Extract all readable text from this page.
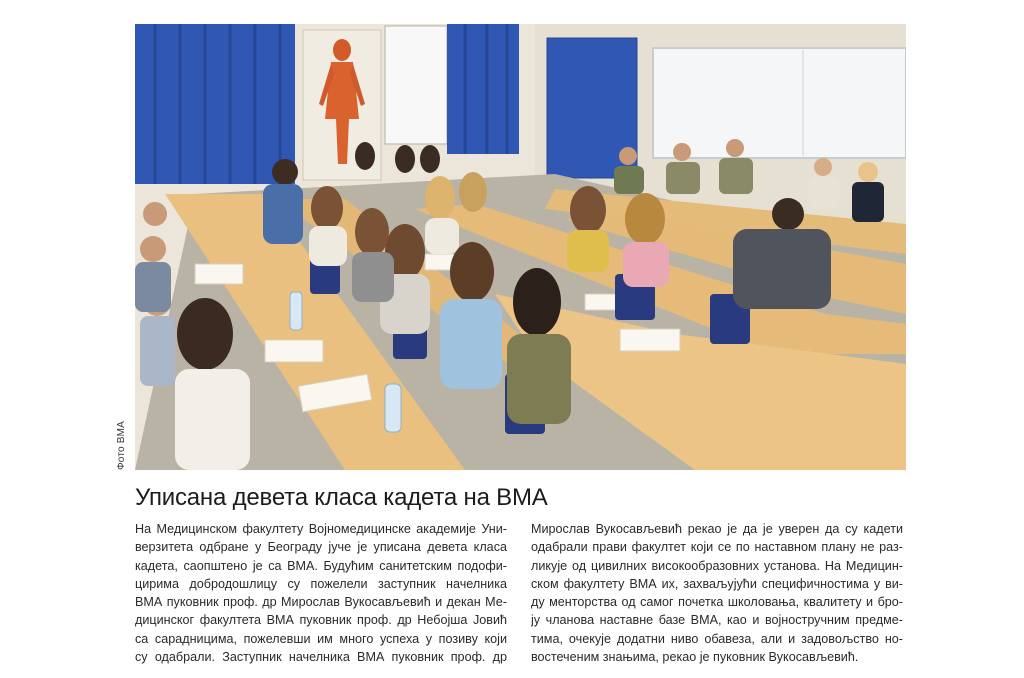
Фото ВМА
Уписана девета класа кадета на ВМА
На Медицинском факултету Војномедицинске академије Уни-
верзитета одбране у Београду јуче је уписана девета класа
кадета, саопштено је са ВМА. Будућим санитетским подофи-
цирима добродошлицу су пожелели заступник начелника
ВМА пуковник проф. др Мирослав Вукосављевић и декан Ме-
дицинског факултета ВМА пуковник проф. др Небојша Јовић
са сарадницима, пожелевши им много успеха у позиву који
су одабрали. Заступник начелника ВМА пуковник проф. др
Мирослав Вукосављевић рекао је да је уверен да су кадети
одабрали прави факултет који се по наставном плану не раз-
ликује од цивилних високообразовних установа. На Медицин-
ском факултету ВМА их, захваљујући специфичностима у ви-
ду менторства од самог почетка школовања, квалитету и бро-
ју чланова наставне базе ВМА, као и војностручним предме-
тима, очекује додатни ниво обавеза, али и задовољство но-
востеченим знањима, рекао је пуковник Вукосављевић.
